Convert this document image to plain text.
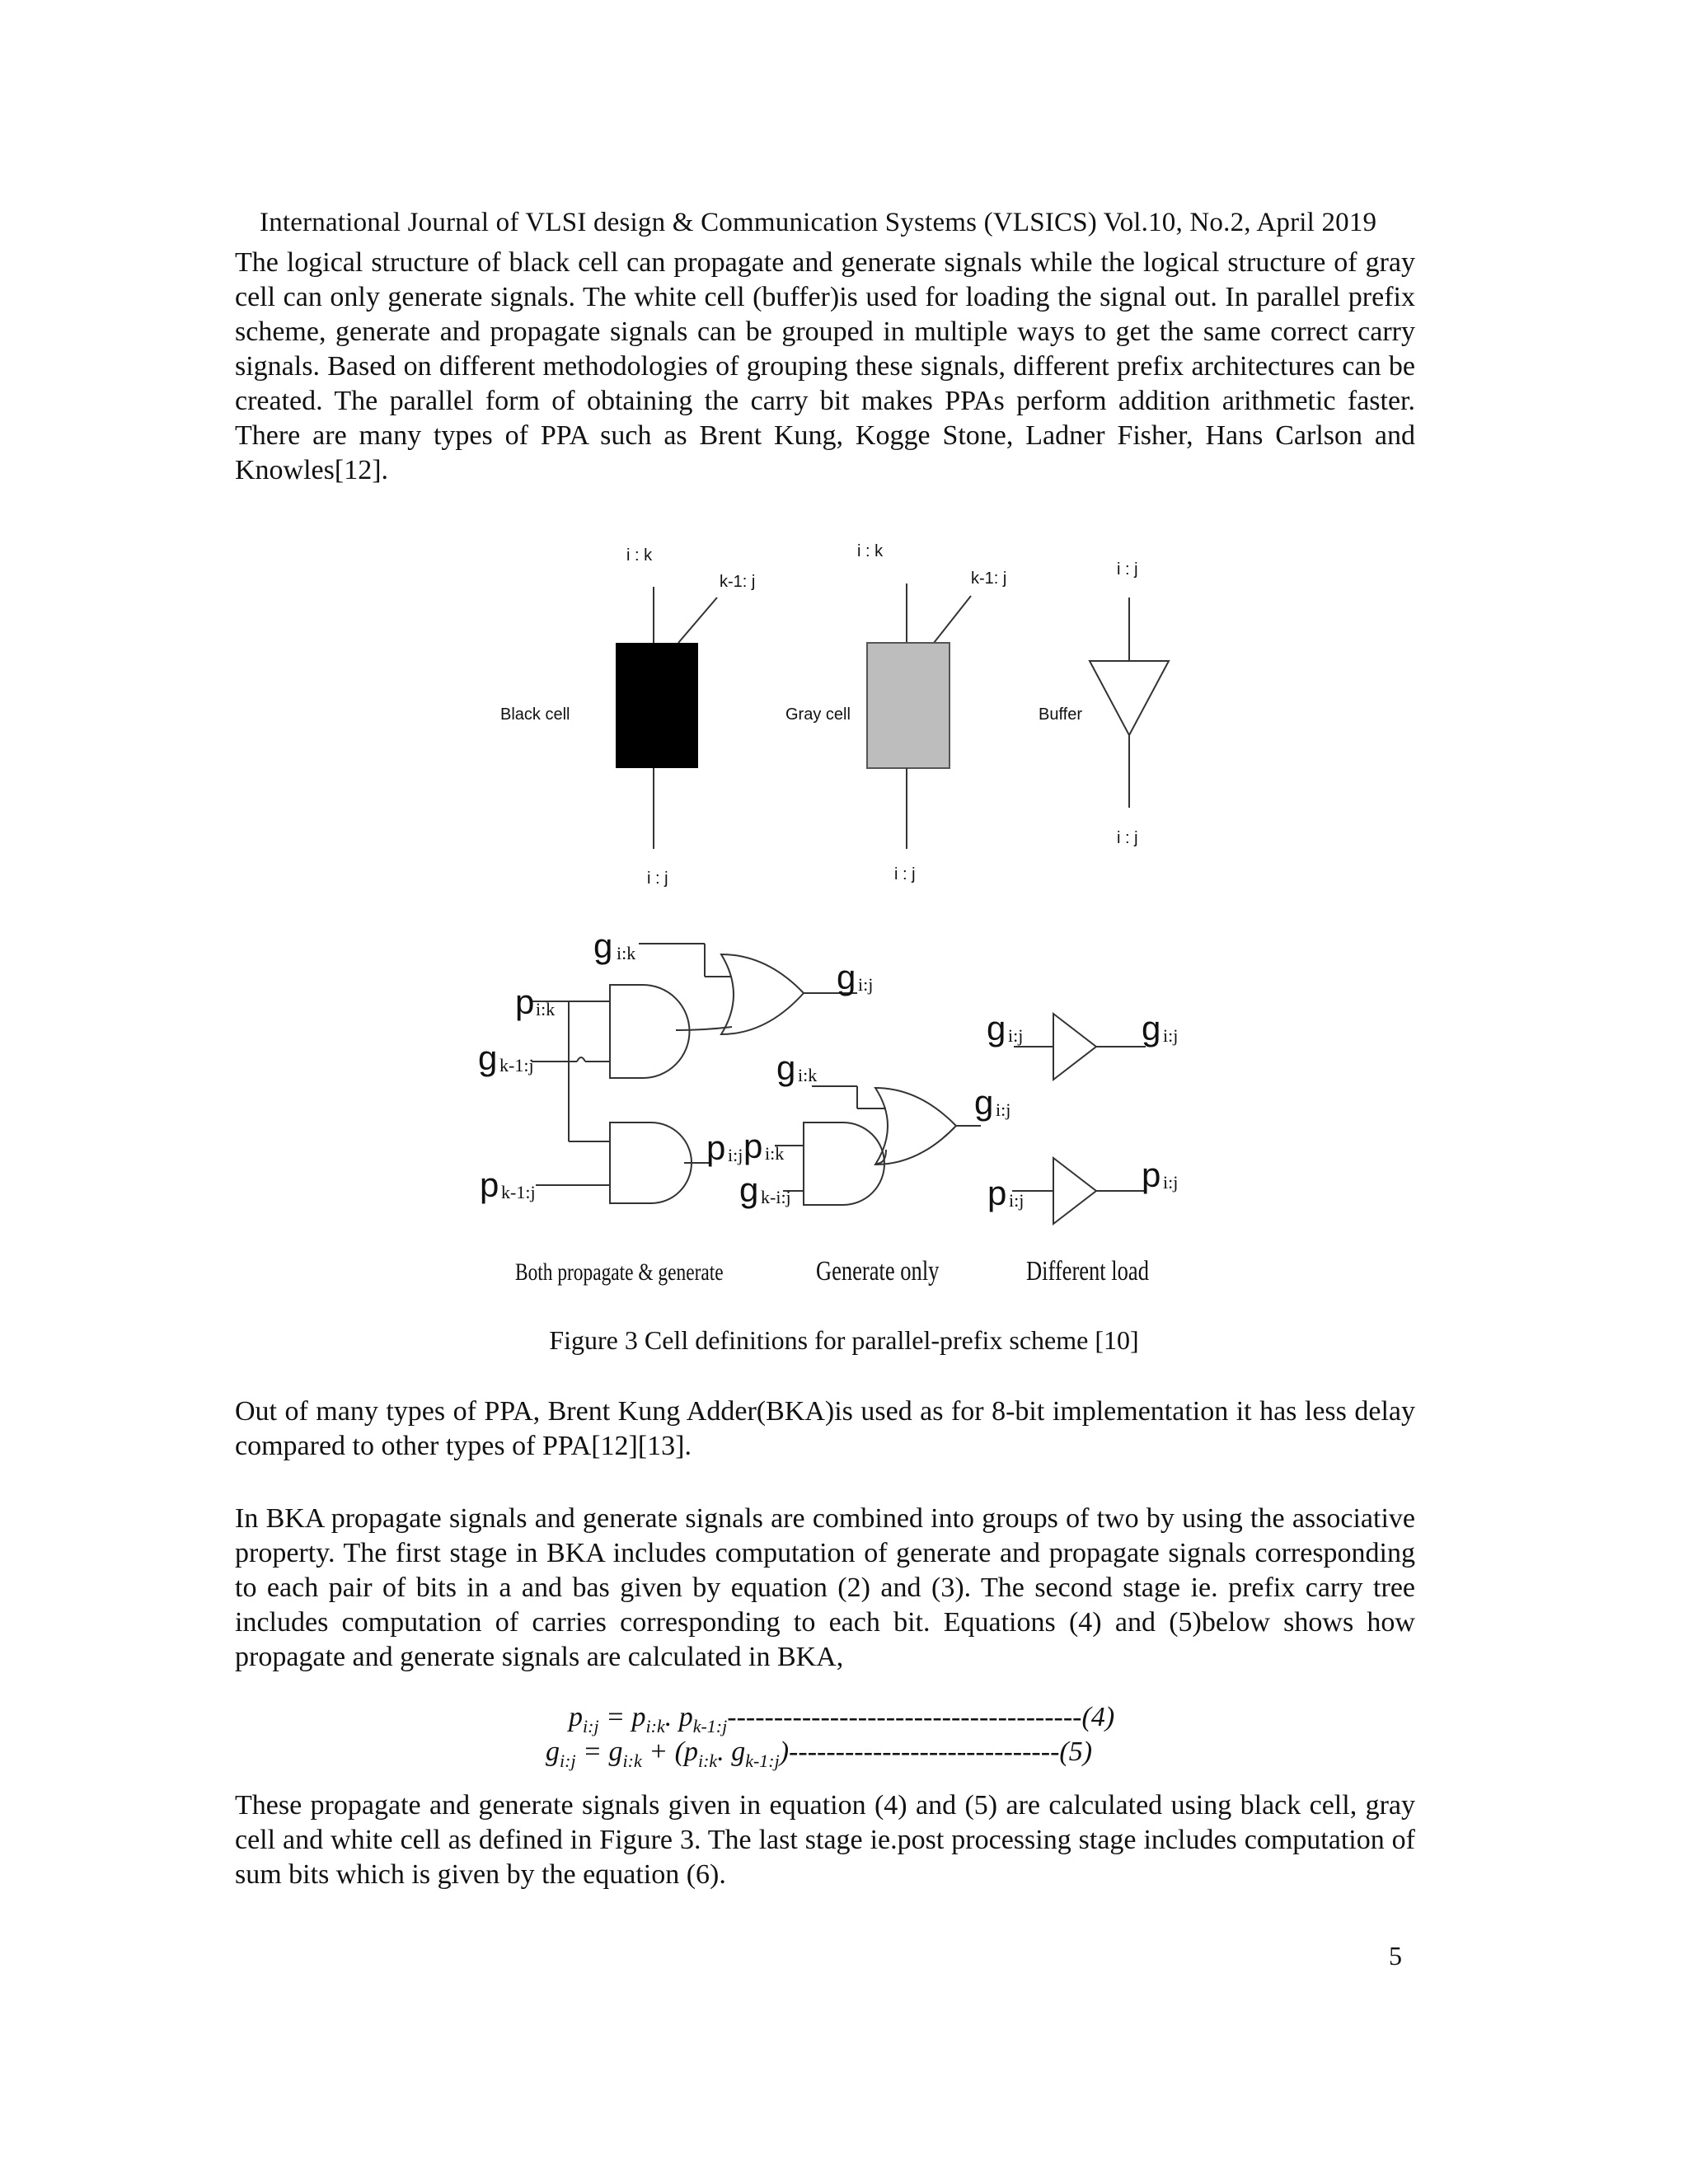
International Journal of VLSI design & Communication Systems (VLSICS) Vol.10, No.2, April 2019
The logical structure of black cell can propagate and generate signals while the logical structure of gray cell can only generate signals. The white cell (buffer)is used for loading the signal out. In parallel prefix scheme, generate and propagate signals can be grouped in multiple ways to get the same correct carry signals. Based on different methodologies of grouping these signals, different prefix architectures can be created. The parallel form of obtaining the carry bit makes PPAs perform addition arithmetic faster. There are many types of PPA such as Brent Kung, Kogge Stone, Ladner Fisher, Hans Carlson and Knowles[12].
i : k
k-1: j
Black cell
i : j
i : k
k-1: j
Gray cell
i : j
i : j
Buffer
i : j
g i:k
p i:k
g k-1:j
p k-1:j
g i:j
p i:j
g i:k
p i:k
g k-i:j
g i:j
g i:j	g i:j
p i:j
p i:j
Both propagate & generate	Generate only	Different load
Figure 3 Cell definitions for parallel-prefix scheme [10]
Out of many types of PPA, Brent Kung Adder(BKA)is used as for 8-bit implementation it has less delay compared to other types of PPA[12][13].
In BKA propagate signals and generate signals are combined into groups of two by using the associative property. The first stage in BKA includes computation of generate and propagate signals corresponding to each pair of bits in a and bas given by equation (2) and (3). The second stage ie. prefix carry tree includes computation of carries corresponding to each bit. Equations (4) and (5)below shows how propagate and generate signals are calculated in BKA,
$p_{i:j} = p_{i:k}$. $p_{k-1:j}--------------------------------------(4)$
$g_{i:j} = g_{i:k} + (p_{i:k}$. $g_{k-1:j})-----------------------------(5)$
These propagate and generate signals given in equation (4) and (5) are calculated using black cell, gray cell and white cell as defined in Figure 3. The last stage ie.post processing stage includes computation of sum bits which is given by the equation (6).
5
